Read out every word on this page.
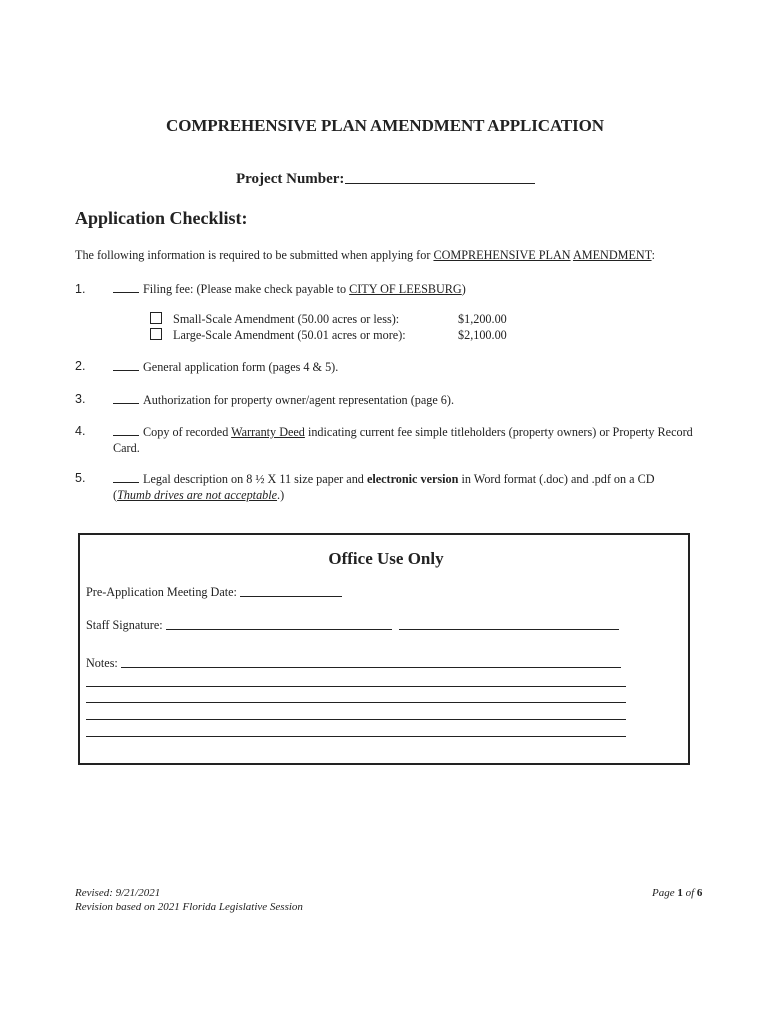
COMPREHENSIVE PLAN AMENDMENT APPLICATION
Project Number:
Application Checklist:
The following information is required to be submitted when applying for COMPREHENSIVE PLAN AMENDMENT:
1.	Filing fee: (Please make check payable to CITY OF LEESBURG)
Small-Scale Amendment (50.00 acres or less):	$1,200.00
Large-Scale Amendment (50.01 acres or more):	$2,100.00
2.	General application form (pages 4 & 5).
3.	Authorization for property owner/agent representation (page 6).
4.	Copy of recorded Warranty Deed indicating current fee simple titleholders (property owners) or Property Record
Card.
5.	Legal description on 8 ½ X 11 size paper and electronic version in Word format (.doc) and .pdf on a CD
(Thumb drives are not acceptable.)
Office Use Only
Pre-Application Meeting Date:
Staff Signature:
Notes:
Revised: 9/21/2021
Revision based on 2021 Florida Legislative Session
Page 1 of 6
